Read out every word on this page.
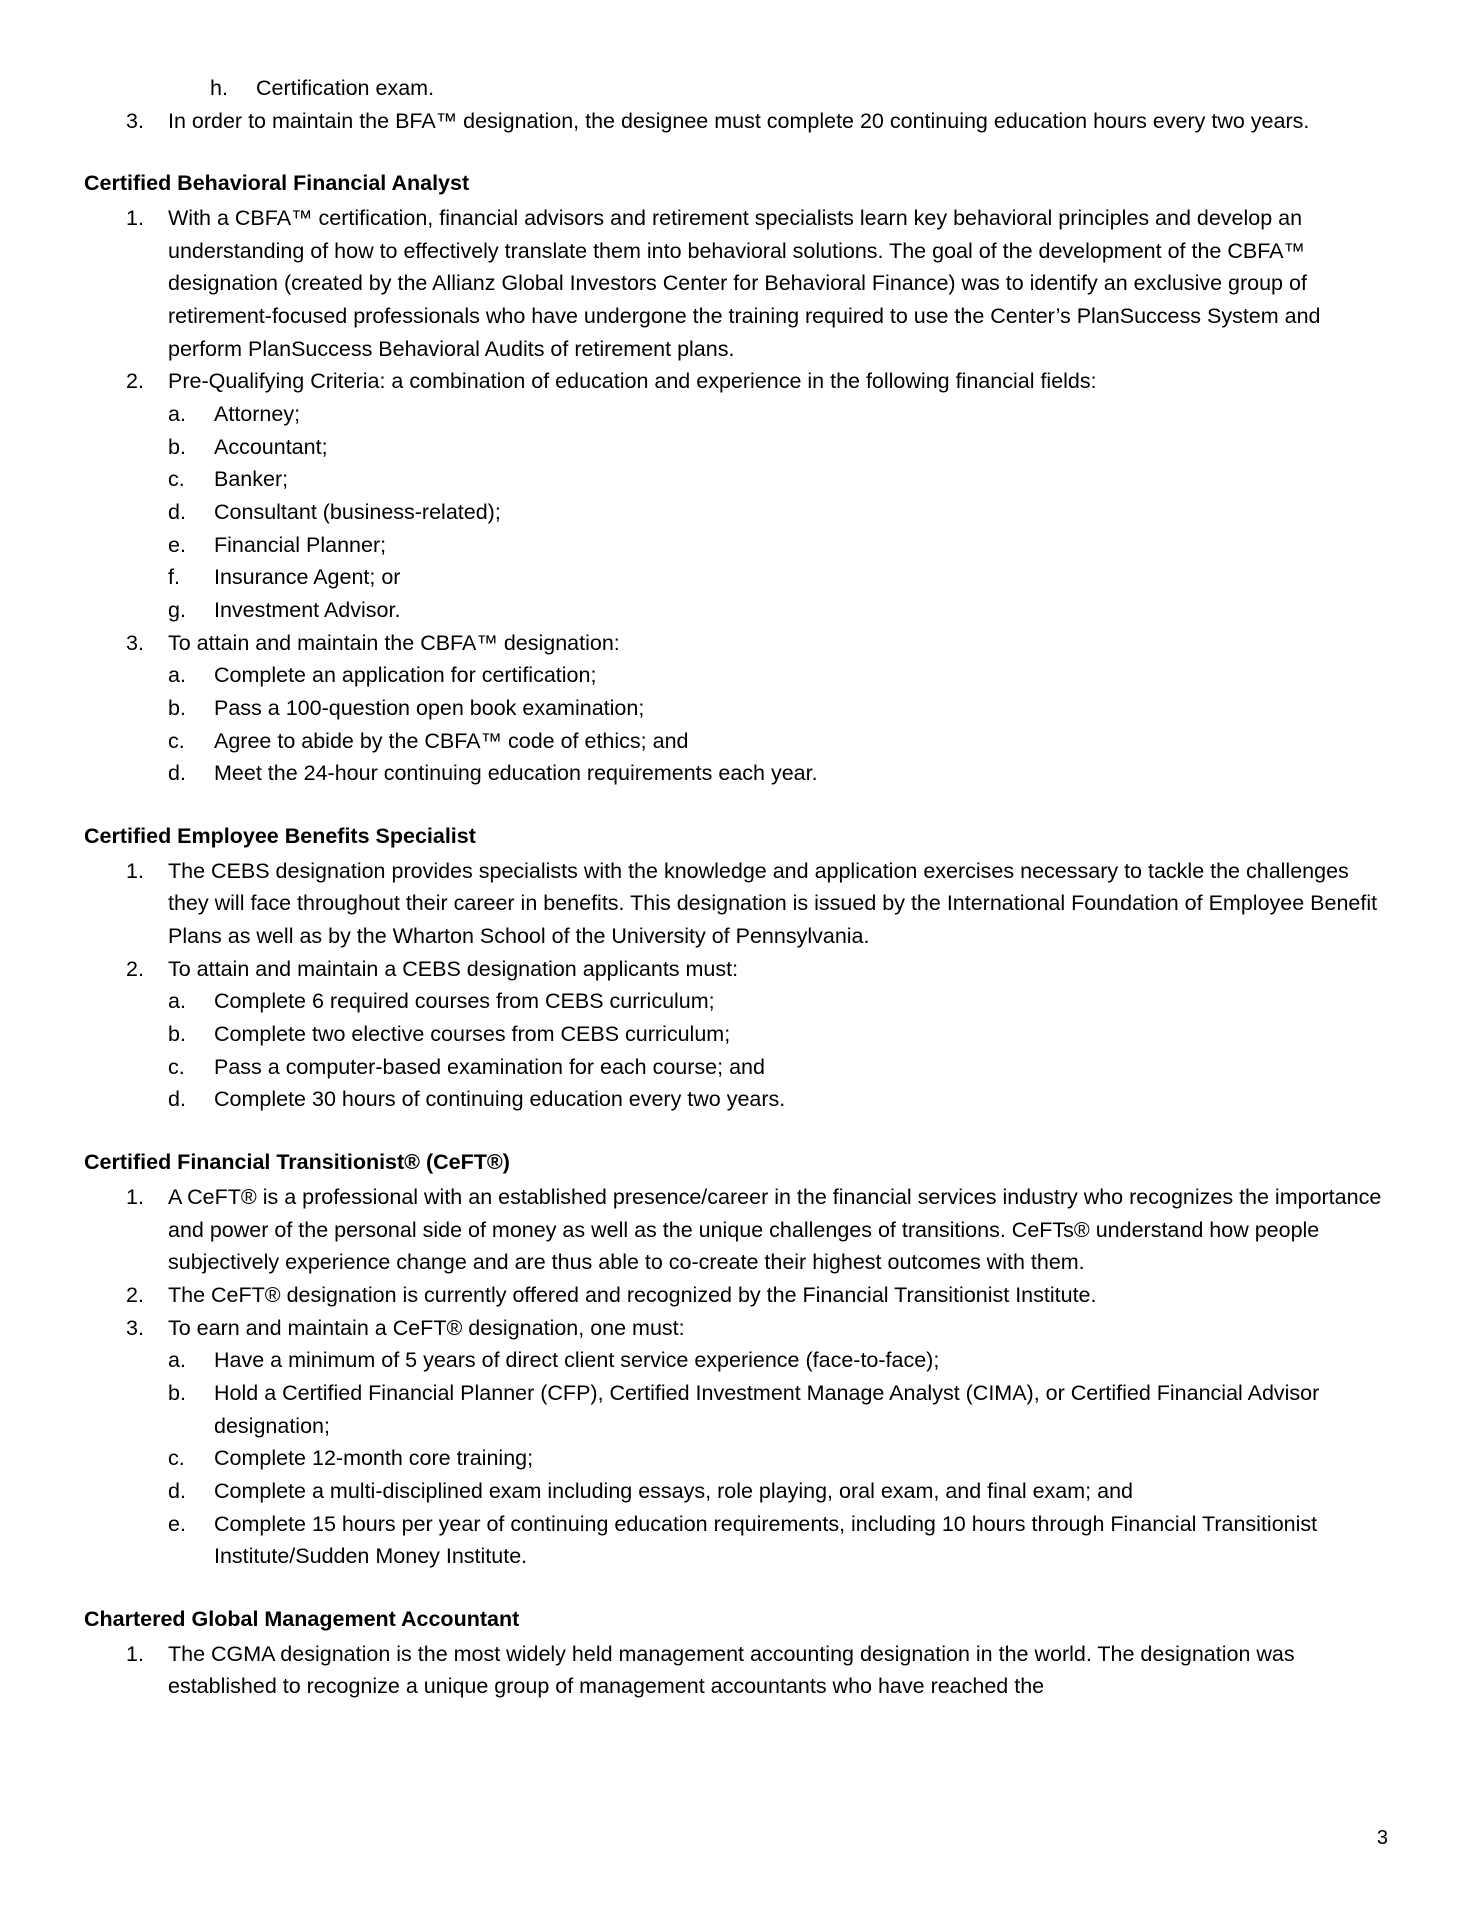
h.	Certification exam.
3.	In order to maintain the BFA™ designation, the designee must complete 20 continuing education hours every two years.
Certified Behavioral Financial Analyst
1.	With a CBFA™ certification, financial advisors and retirement specialists learn key behavioral principles and develop an understanding of how to effectively translate them into behavioral solutions. The goal of the development of the CBFA™ designation (created by the Allianz Global Investors Center for Behavioral Finance) was to identify an exclusive group of retirement-focused professionals who have undergone the training required to use the Center’s PlanSuccess System and perform PlanSuccess Behavioral Audits of retirement plans.
2.	Pre-Qualifying Criteria: a combination of education and experience in the following financial fields:
a.	Attorney;
b.	Accountant;
c.	Banker;
d.	Consultant (business-related);
e.	Financial Planner;
f.	Insurance Agent; or
g.	Investment Advisor.
3.	To attain and maintain the CBFA™ designation:
a.	Complete an application for certification;
b.	Pass a 100-question open book examination;
c.	Agree to abide by the CBFA™ code of ethics; and
d.	Meet the 24-hour continuing education requirements each year.
Certified Employee Benefits Specialist
1.	The CEBS designation provides specialists with the knowledge and application exercises necessary to tackle the challenges they will face throughout their career in benefits. This designation is issued by the International Foundation of Employee Benefit Plans as well as by the Wharton School of the University of Pennsylvania.
2.	To attain and maintain a CEBS designation applicants must:
a.	Complete 6 required courses from CEBS curriculum;
b.	Complete two elective courses from CEBS curriculum;
c.	Pass a computer-based examination for each course; and
d.	Complete 30 hours of continuing education every two years.
Certified Financial Transitionist® (CeFT®)
1.	A CeFT® is a professional with an established presence/career in the financial services industry who recognizes the importance and power of the personal side of money as well as the unique challenges of transitions. CeFTs® understand how people subjectively experience change and are thus able to co-create their highest outcomes with them.
2.	The CeFT® designation is currently offered and recognized by the Financial Transitionist Institute.
3.	To earn and maintain a CeFT® designation, one must:
a.	Have a minimum of 5 years of direct client service experience (face-to-face);
b.	Hold a Certified Financial Planner (CFP), Certified Investment Manage Analyst (CIMA), or Certified Financial Advisor designation;
c.	Complete 12-month core training;
d.	Complete a multi-disciplined exam including essays, role playing, oral exam, and final exam; and
e.	Complete 15 hours per year of continuing education requirements, including 10 hours through Financial Transitionist Institute/Sudden Money Institute.
Chartered Global Management Accountant
1.	The CGMA designation is the most widely held management accounting designation in the world. The designation was established to recognize a unique group of management accountants who have reached the
3
